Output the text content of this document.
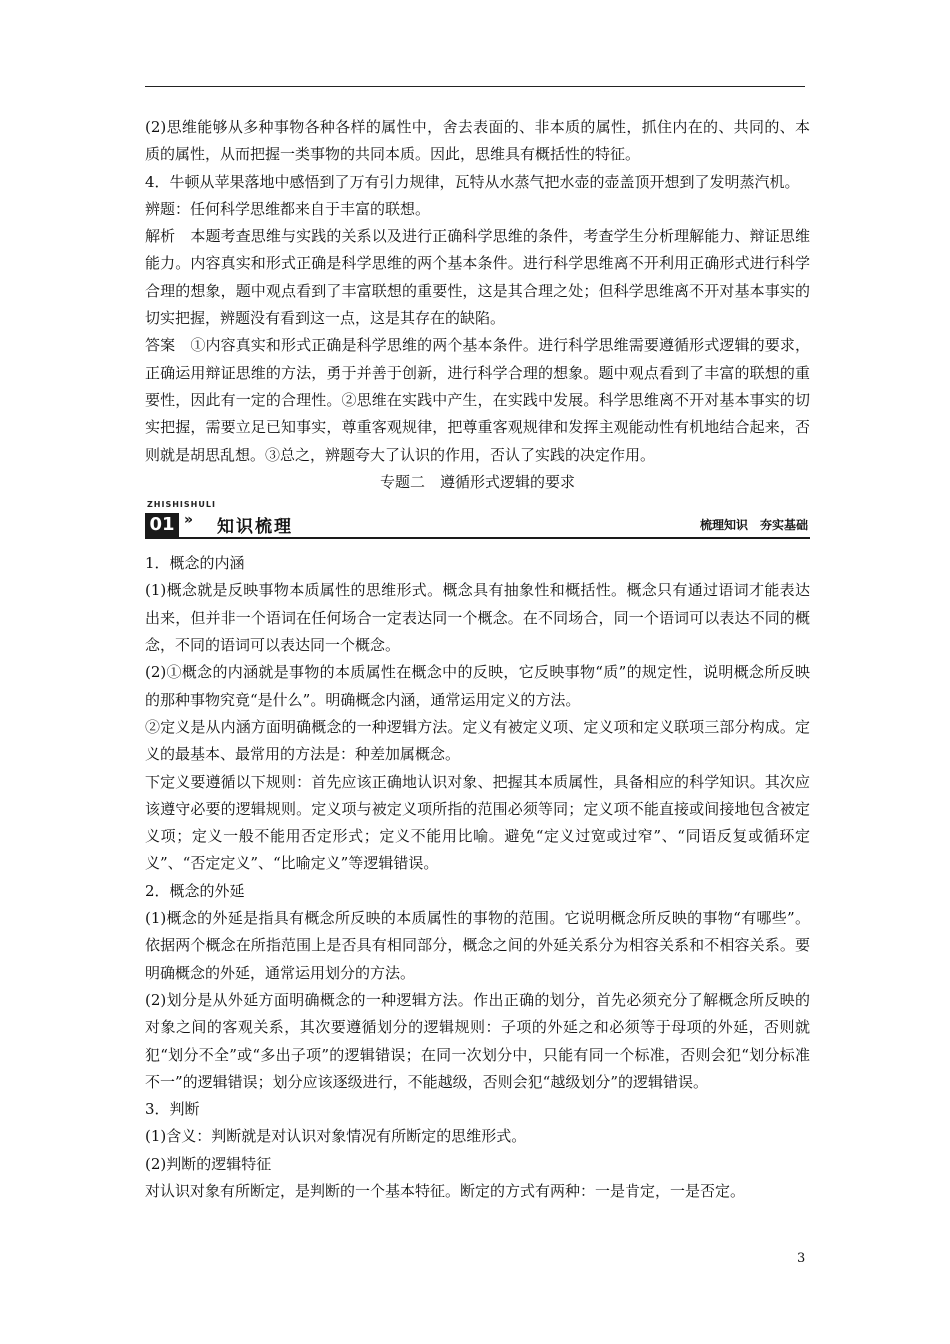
(2)思维能够从多种事物各种各样的属性中，舍去表面的、非本质的属性，抓住内在的、共同的、本质的属性，从而把握一类事物的共同本质。因此，思维具有概括性的特征。

4．牛顿从苹果落地中感悟到了万有引力规律，瓦特从水蒸气把水壶的壶盖顶开想到了发明蒸汽机。

辨题：任何科学思维都来自于丰富的联想。

解析　本题考查思维与实践的关系以及进行正确科学思维的条件，考查学生分析理解能力、辩证思维能力。内容真实和形式正确是科学思维的两个基本条件。进行科学思维离不开利用正确形式进行科学合理的想象，题中观点看到了丰富联想的重要性，这是其合理之处；但科学思维离不开对基本事实的切实把握，辨题没有看到这一点，这是其存在的缺陷。

答案　①内容真实和形式正确是科学思维的两个基本条件。进行科学思维需要遵循形式逻辑的要求，正确运用辩证思维的方法，勇于并善于创新，进行科学合理的想象。题中观点看到了丰富的联想的重要性，因此有一定的合理性。②思维在实践中产生，在实践中发展。科学思维离不开对基本事实的切实把握，需要立足已知事实，尊重客观规律，把尊重客观规律和发挥主观能动性有机地结合起来，否则就是胡思乱想。③总之，辨题夸大了认识的作用，否认了实践的决定作用。

专题二　遵循形式逻辑的要求

ZHISHISHULI
01 » 知识梳理	梳理知识　夯实基础

1．概念的内涵

(1)概念就是反映事物本质属性的思维形式。概念具有抽象性和概括性。概念只有通过语词才能表达出来，但并非一个语词在任何场合一定表达同一个概念。在不同场合，同一个语词可以表达不同的概念，不同的语词可以表达同一个概念。

(2)①概念的内涵就是事物的本质属性在概念中的反映，它反映事物“质”的规定性，说明概念所反映的那种事物究竟“是什么”。明确概念内涵，通常运用定义的方法。

②定义是从内涵方面明确概念的一种逻辑方法。定义有被定义项、定义项和定义联项三部分构成。定义的最基本、最常用的方法是：种差加属概念。

下定义要遵循以下规则：首先应该正确地认识对象、把握其本质属性，具备相应的科学知识。其次应该遵守必要的逻辑规则。定义项与被定义项所指的范围必须等同；定义项不能直接或间接地包含被定义项；定义一般不能用否定形式；定义不能用比喻。避免“定义过宽或过窄”、“同语反复或循环定义”、“否定定义”、“比喻定义”等逻辑错误。

2．概念的外延

(1)概念的外延是指具有概念所反映的本质属性的事物的范围。它说明概念所反映的事物“有哪些”。依据两个概念在所指范围上是否具有相同部分，概念之间的外延关系分为相容关系和不相容关系。要明确概念的外延，通常运用划分的方法。

(2)划分是从外延方面明确概念的一种逻辑方法。作出正确的划分，首先必须充分了解概念所反映的对象之间的客观关系，其次要遵循划分的逻辑规则：子项的外延之和必须等于母项的外延，否则就犯“划分不全”或“多出子项”的逻辑错误；在同一次划分中，只能有同一个标准，否则会犯“划分标准不一”的逻辑错误；划分应该逐级进行，不能越级，否则会犯“越级划分”的逻辑错误。

3．判断

(1)含义：判断就是对认识对象情况有所断定的思维形式。

(2)判断的逻辑特征

对认识对象有所断定，是判断的一个基本特征。断定的方式有两种：一是肯定，一是否定。

3
